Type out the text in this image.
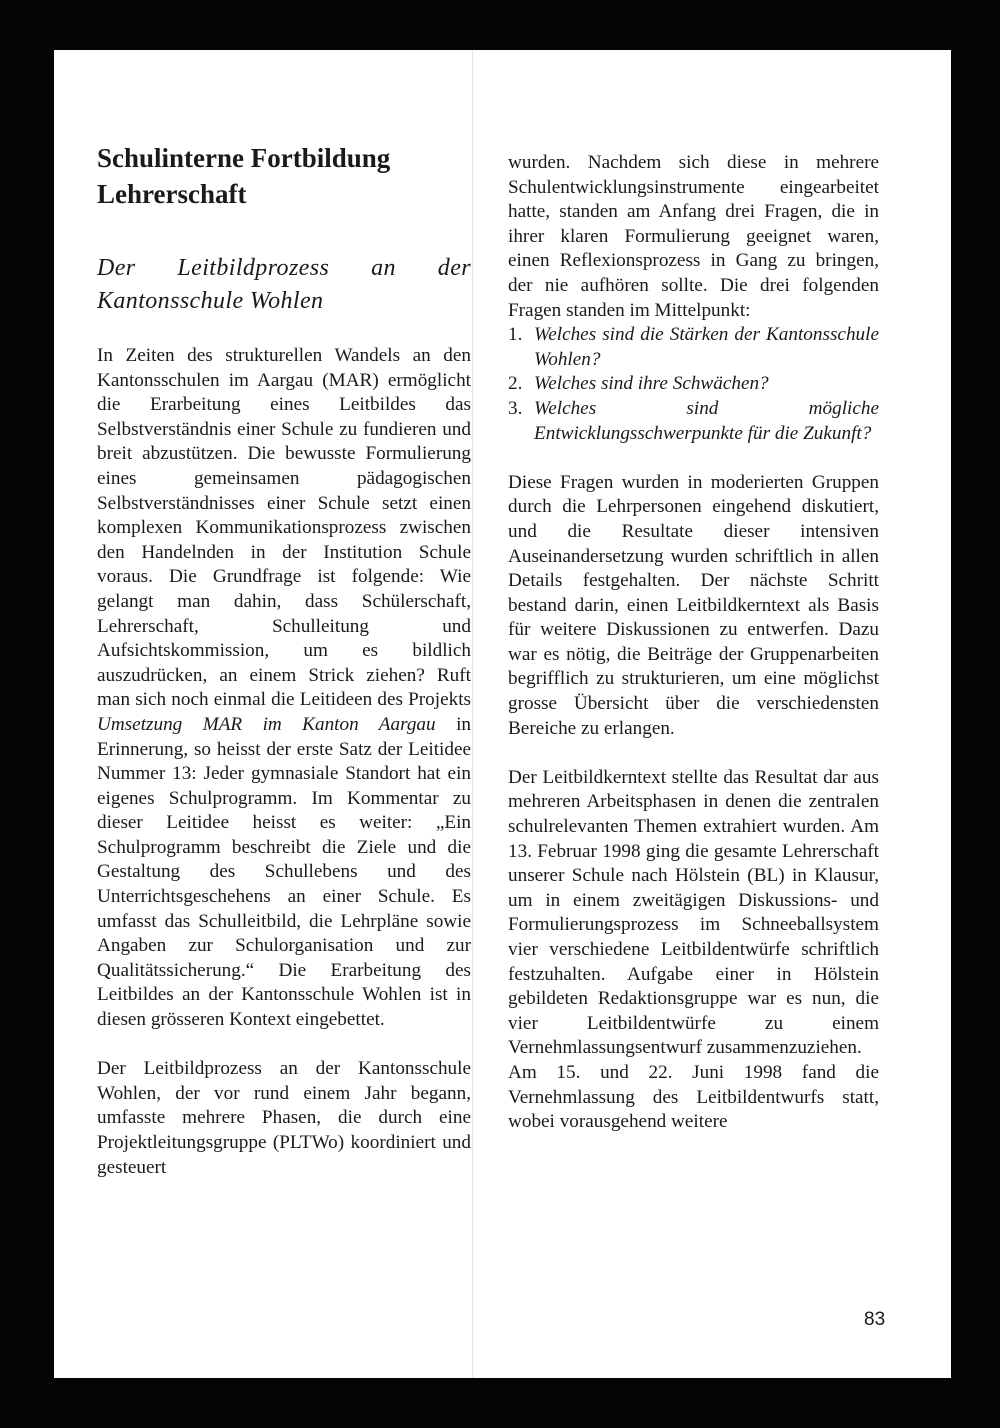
Schulinterne Fortbildung Lehrerschaft
Der Leitbildprozess an der Kantonsschule Wohlen

In Zeiten des strukturellen Wandels an den Kantonsschulen im Aargau (MAR) ermöglicht die Erarbeitung eines Leitbildes das Selbstverständnis einer Schule zu fundieren und breit abzustützen. Die bewusste Formulierung eines gemeinsamen pädagogischen Selbstverständnisses einer Schule setzt einen komplexen Kommunikationsprozess zwischen den Handelnden in der Institution Schule voraus. Die Grundfrage ist folgende: Wie gelangt man dahin, dass Schülerschaft, Lehrerschaft, Schulleitung und Aufsichtskommission, um es bildlich auszudrücken, an einem Strick ziehen? Ruft man sich noch einmal die Leitideen des Projekts Umsetzung MAR im Kanton Aargau in Erinnerung, so heisst der erste Satz der Leitidee Nummer 13: Jeder gymnasiale Standort hat ein eigenes Schulprogramm. Im Kommentar zu dieser Leitidee heisst es weiter: „Ein Schulprogramm beschreibt die Ziele und die Gestaltung des Schullebens und des Unterrichtsgeschehens an einer Schule. Es umfasst das Schulleitbild, die Lehrpläne sowie Angaben zur Schulorganisation und zur Qualitätssicherung.“ Die Erarbeitung des Leitbildes an der Kantonsschule Wohlen ist in diesen grösseren Kontext eingebettet.

Der Leitbildprozess an der Kantonsschule Wohlen, der vor rund einem Jahr begann, umfasste mehrere Phasen, die durch eine Projektleitungsgruppe (PLTWo) koordiniert und gesteuert

wurden. Nachdem sich diese in mehrere Schulentwicklungsinstrumente eingearbeitet hatte, standen am Anfang drei Fragen, die in ihrer klaren Formulierung geeignet waren, einen Reflexionsprozess in Gang zu bringen, der nie aufhören sollte. Die drei folgenden Fragen standen im Mittelpunkt:

1. Welches sind die Stärken der Kantonsschule Wohlen?
2. Welches sind ihre Schwächen?
3. Welches sind mögliche Entwicklungsschwerpunkte für die Zukunft?

Diese Fragen wurden in moderierten Gruppen durch die Lehrpersonen eingehend diskutiert, und die Resultate dieser intensiven Auseinandersetzung wurden schriftlich in allen Details festgehalten. Der nächste Schritt bestand darin, einen Leitbildkerntext als Basis für weitere Diskussionen zu entwerfen. Dazu war es nötig, die Beiträge der Gruppenarbeiten begrifflich zu strukturieren, um eine möglichst grosse Übersicht über die verschiedensten Bereiche zu erlangen.

Der Leitbildkerntext stellte das Resultat dar aus mehreren Arbeitsphasen in denen die zentralen schulrelevanten Themen extrahiert wurden. Am 13. Februar 1998 ging die gesamte Lehrerschaft unserer Schule nach Hölstein (BL) in Klausur, um in einem zweitägigen Diskussions- und Formulierungsprozess im Schneeballsystem vier verschiedene Leitbildentwürfe schriftlich festzuhalten. Aufgabe einer in Hölstein gebildeten Redaktionsgruppe war es nun, die vier Leitbildentwürfe zu einem Vernehmlassungsentwurf zusammenzuziehen.

Am 15. und 22. Juni 1998 fand die Vernehmlassung des Leitbildentwurfs statt, wobei vorausgehend weitere

83
